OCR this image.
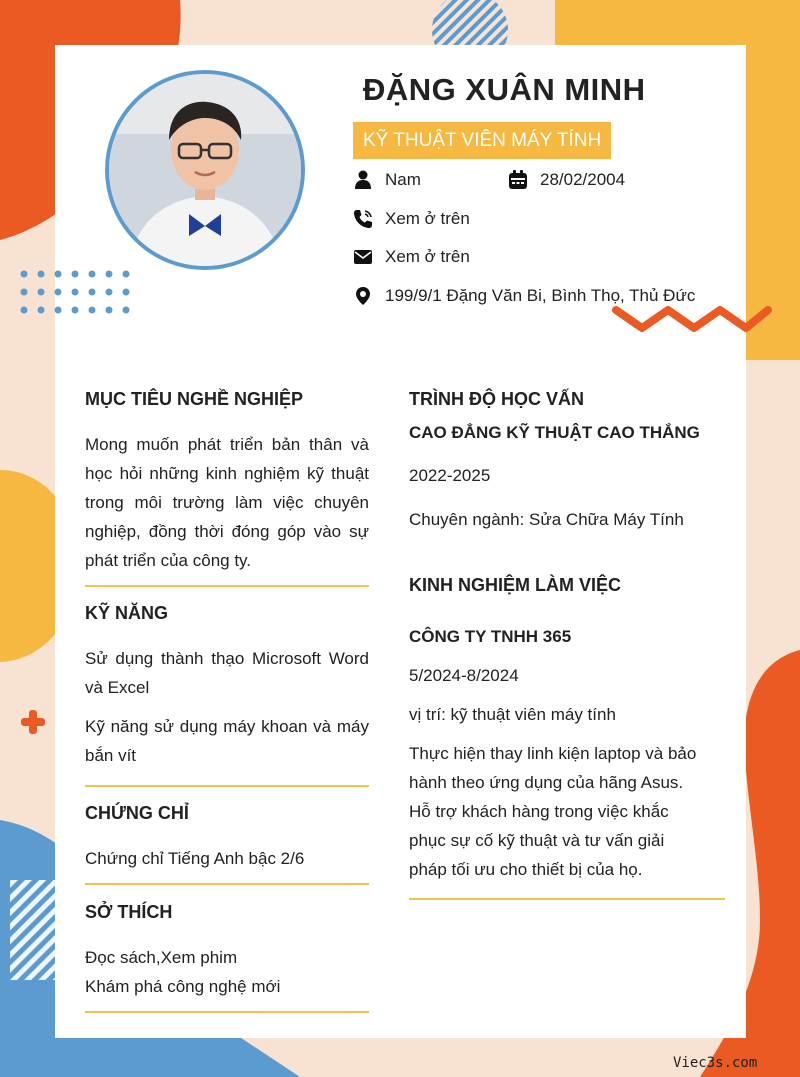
ĐẶNG XUÂN MINH
KỸ THUẬT VIÊN MÁY TÍNH
Nam	28/02/2004
Xem ở trên
Xem ở trên
199/9/1 Đặng Văn Bi, Bình Thọ, Thủ Đức
MỤC TIÊU NGHỀ NGHIỆP
Mong muốn phát triển bản thân và học hỏi những kinh nghiệm kỹ thuật trong môi trường làm việc chuyên nghiệp, đồng thời đóng góp vào sự phát triển của công ty.
KỸ NĂNG
Sử dụng thành thạo Microsoft Word và Excel
Kỹ năng sử dụng máy khoan và máy bắn vít
CHỨNG CHỈ
Chứng chỉ Tiếng Anh bậc 2/6
SỞ THÍCH
Đọc sách,Xem phim
Khám phá công nghệ mới
TRÌNH ĐỘ HỌC VẤN
CAO ĐẲNG KỸ THUẬT CAO THẮNG
2022-2025
Chuyên ngành: Sửa Chữa Máy Tính
KINH NGHIỆM LÀM VIỆC
CÔNG TY TNHH 365
5/2024-8/2024
vị trí: kỹ thuật viên máy tính
Thực hiện thay linh kiện laptop và bảo hành theo ứng dụng của hãng Asus. Hỗ trợ khách hàng trong việc khắc phục sự cố kỹ thuật và tư vấn giải pháp tối ưu cho thiết bị của họ.
Viec3s.com
